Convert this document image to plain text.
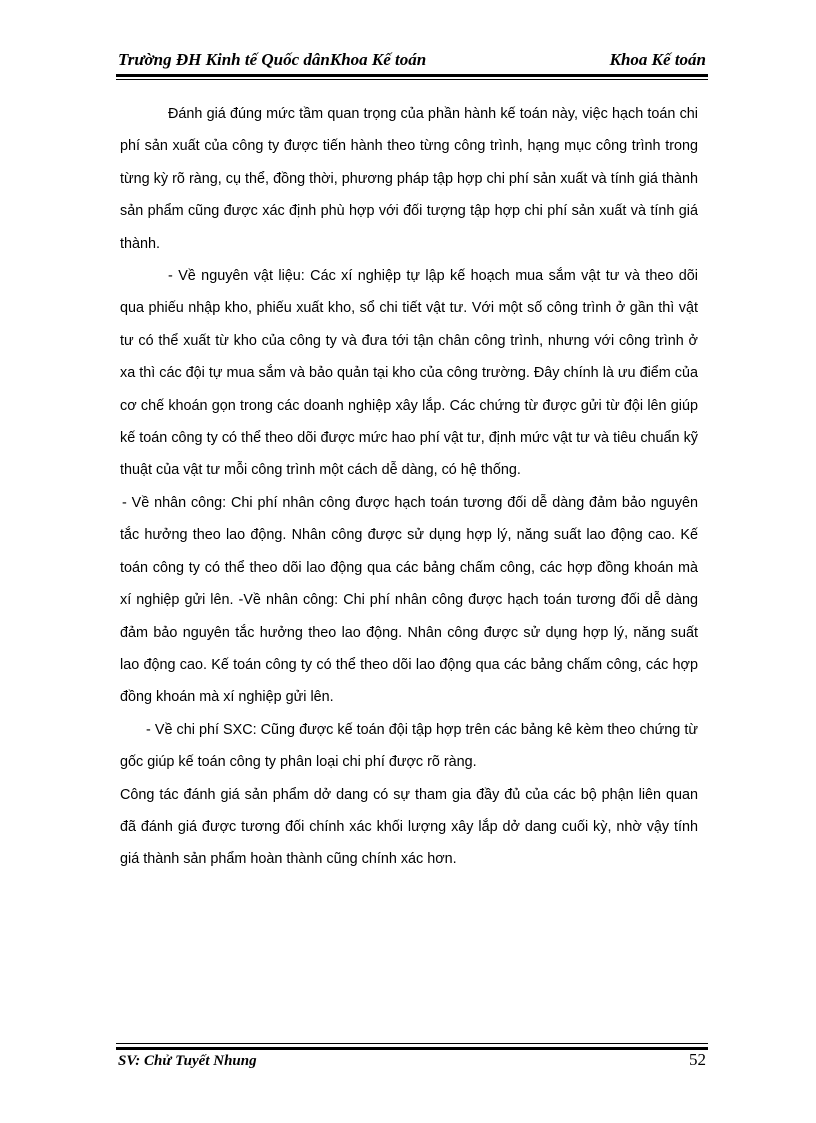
Trường ĐH Kinh tế Quốc dânKhoa Kế toán	Khoa Kế toán

Đánh giá đúng mức tầm quan trọng của phần hành kế toán này, việc hạch toán chi phí sản xuất của công ty được tiến hành theo từng công trình, hạng mục công trình trong từng kỳ rõ ràng, cụ thể, đồng thời, phương pháp tập hợp chi phí sản xuất và tính giá thành sản phẩm cũng được xác định phù hợp với đối tượng tập hợp chi phí sản xuất và tính giá thành.

- Về nguyên vật liệu: Các xí nghiệp tự lập kế hoạch mua sắm vật tư và theo dõi qua phiếu nhập kho, phiếu xuất kho, sổ chi tiết vật tư. Với một số công trình ở gần thì vật tư có thể xuất từ kho của công ty và đưa tới tận chân công trình, nhưng với công trình ở xa thì các đội tự mua sắm và bảo quản tại kho của công trường. Đây chính là ưu điểm của cơ chế khoán gọn trong các doanh nghiệp xây lắp. Các chứng từ được gửi từ đội lên giúp kế toán công ty có thể theo dõi được mức hao phí vật tư, định mức vật tư và tiêu chuẩn kỹ thuật của vật tư mỗi công trình một cách dễ dàng, có hệ thống.

- Về nhân công: Chi phí nhân công được hạch toán tương đối dễ dàng đảm bảo nguyên tắc hưởng theo lao động. Nhân công được sử dụng hợp lý, năng suất lao động cao. Kế toán công ty có thể theo dõi lao động qua các bảng chấm công, các hợp đồng khoán mà xí nghiệp gửi lên. -Về nhân công: Chi phí nhân công được hạch toán tương đối dễ dàng đảm bảo nguyên tắc hưởng theo lao động. Nhân công được sử dụng hợp lý, năng suất lao động cao. Kế toán công ty có thể theo dõi lao động qua các bảng chấm công, các hợp đồng khoán mà xí nghiệp gửi lên.

- Về chi phí SXC: Cũng được kế toán đội tập hợp trên các bảng kê kèm theo chứng từ gốc giúp kế toán công ty phân loại chi phí được rõ ràng.

Công tác đánh giá sản phẩm dở dang có sự tham gia đầy đủ của các bộ phận liên quan đã đánh giá được tương đối chính xác khối lượng xây lắp dở dang cuối kỳ, nhờ vậy tính giá thành sản phẩm hoàn thành cũng chính xác hơn.

SV: Chử Tuyết Nhung	52
